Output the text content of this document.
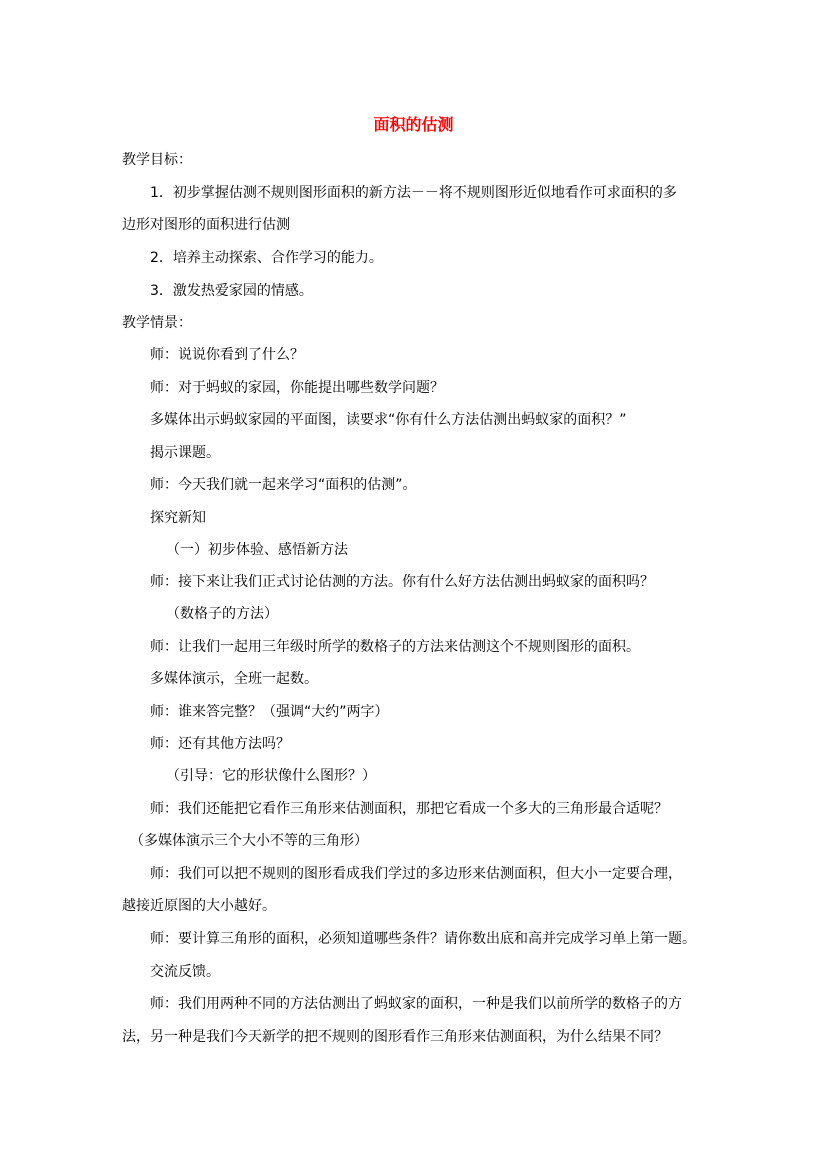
面积的估测
教学目标：
1．初步掌握估测不规则图形面积的新方法－－将不规则图形近似地看作可求面积的多
边形对图形的面积进行估测
2．培养主动探索、合作学习的能力。
3．激发热爱家园的情感。
教学情景：
师：说说你看到了什么？
师：对于蚂蚁的家园，你能提出哪些数学问题？
多媒体出示蚂蚁家园的平面图，读要求“你有什么方法估测出蚂蚁家的面积？”
揭示课题。
师：今天我们就一起来学习“面积的估测”。
探究新知
（一）初步体验、感悟新方法
师：接下来让我们正式讨论估测的方法。你有什么好方法估测出蚂蚁家的面积吗？
（数格子的方法）
师：让我们一起用三年级时所学的数格子的方法来估测这个不规则图形的面积。
多媒体演示，全班一起数。
师：谁来答完整？（强调“大约”两字）
师：还有其他方法吗？
（引导：它的形状像什么图形？）
师：我们还能把它看作三角形来估测面积，那把它看成一个多大的三角形最合适呢？
（多媒体演示三个大小不等的三角形）
师：我们可以把不规则的图形看成我们学过的多边形来估测面积，但大小一定要合理，
越接近原图的大小越好。
师：要计算三角形的面积，必须知道哪些条件？请你数出底和高并完成学习单上第一题。
交流反馈。
师：我们用两种不同的方法估测出了蚂蚁家的面积，一种是我们以前所学的数格子的方
法，另一种是我们今天新学的把不规则的图形看作三角形来估测面积，为什么结果不同？
